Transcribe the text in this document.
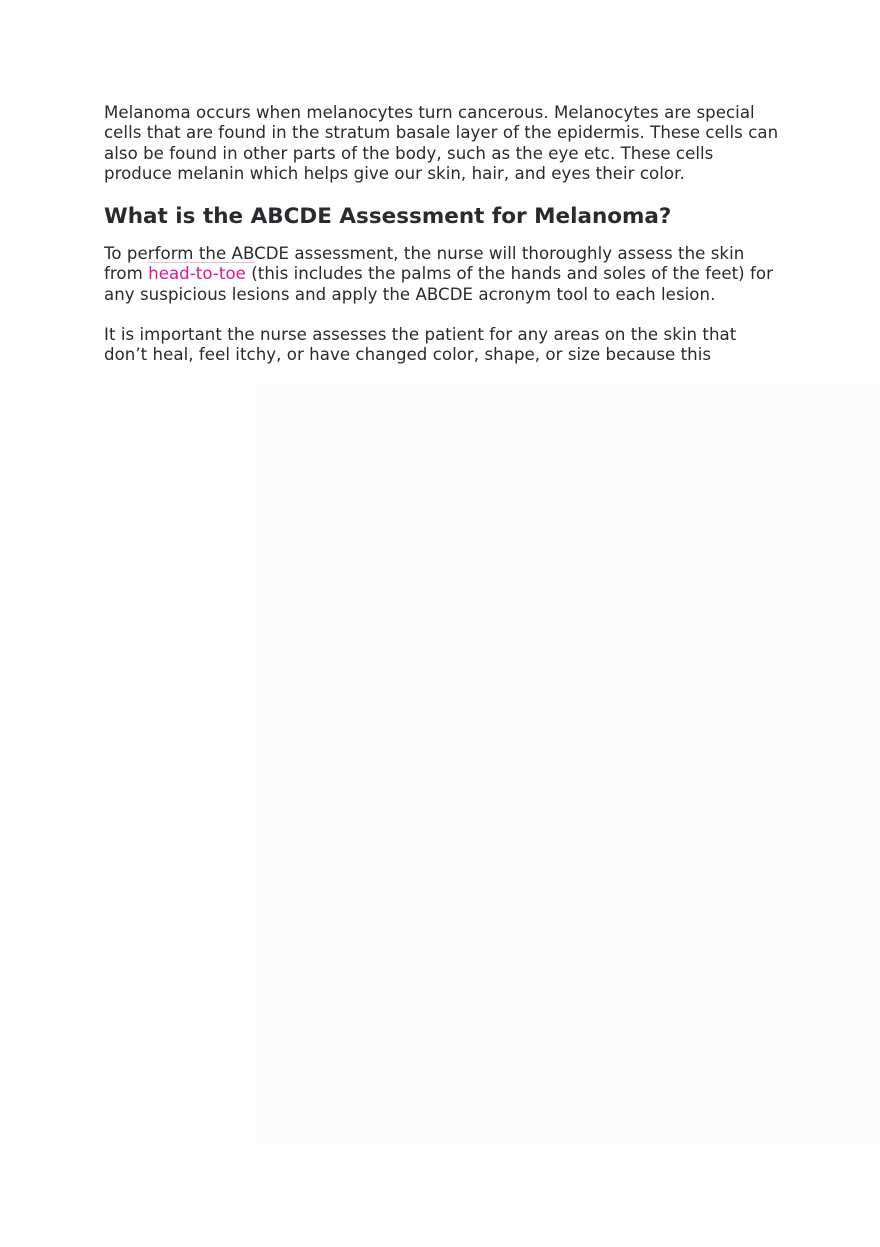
Melanoma occurs when melanocytes turn cancerous. Melanocytes are special cells that are found in the stratum basale layer of the epidermis. These cells can also be found in other parts of the body, such as the eye etc. These cells produce melanin which helps give our skin, hair, and eyes their color.

What is the ABCDE Assessment for Melanoma?

To perform the ABCDE assessment, the nurse will thoroughly assess the skin from head-to-toe (this includes the palms of the hands and soles of the feet) for any suspicious lesions and apply the ABCDE acronym tool to each lesion.

It is important the nurse assesses the patient for any areas on the skin that don’t heal, feel itchy, or have changed color, shape, or size because this
